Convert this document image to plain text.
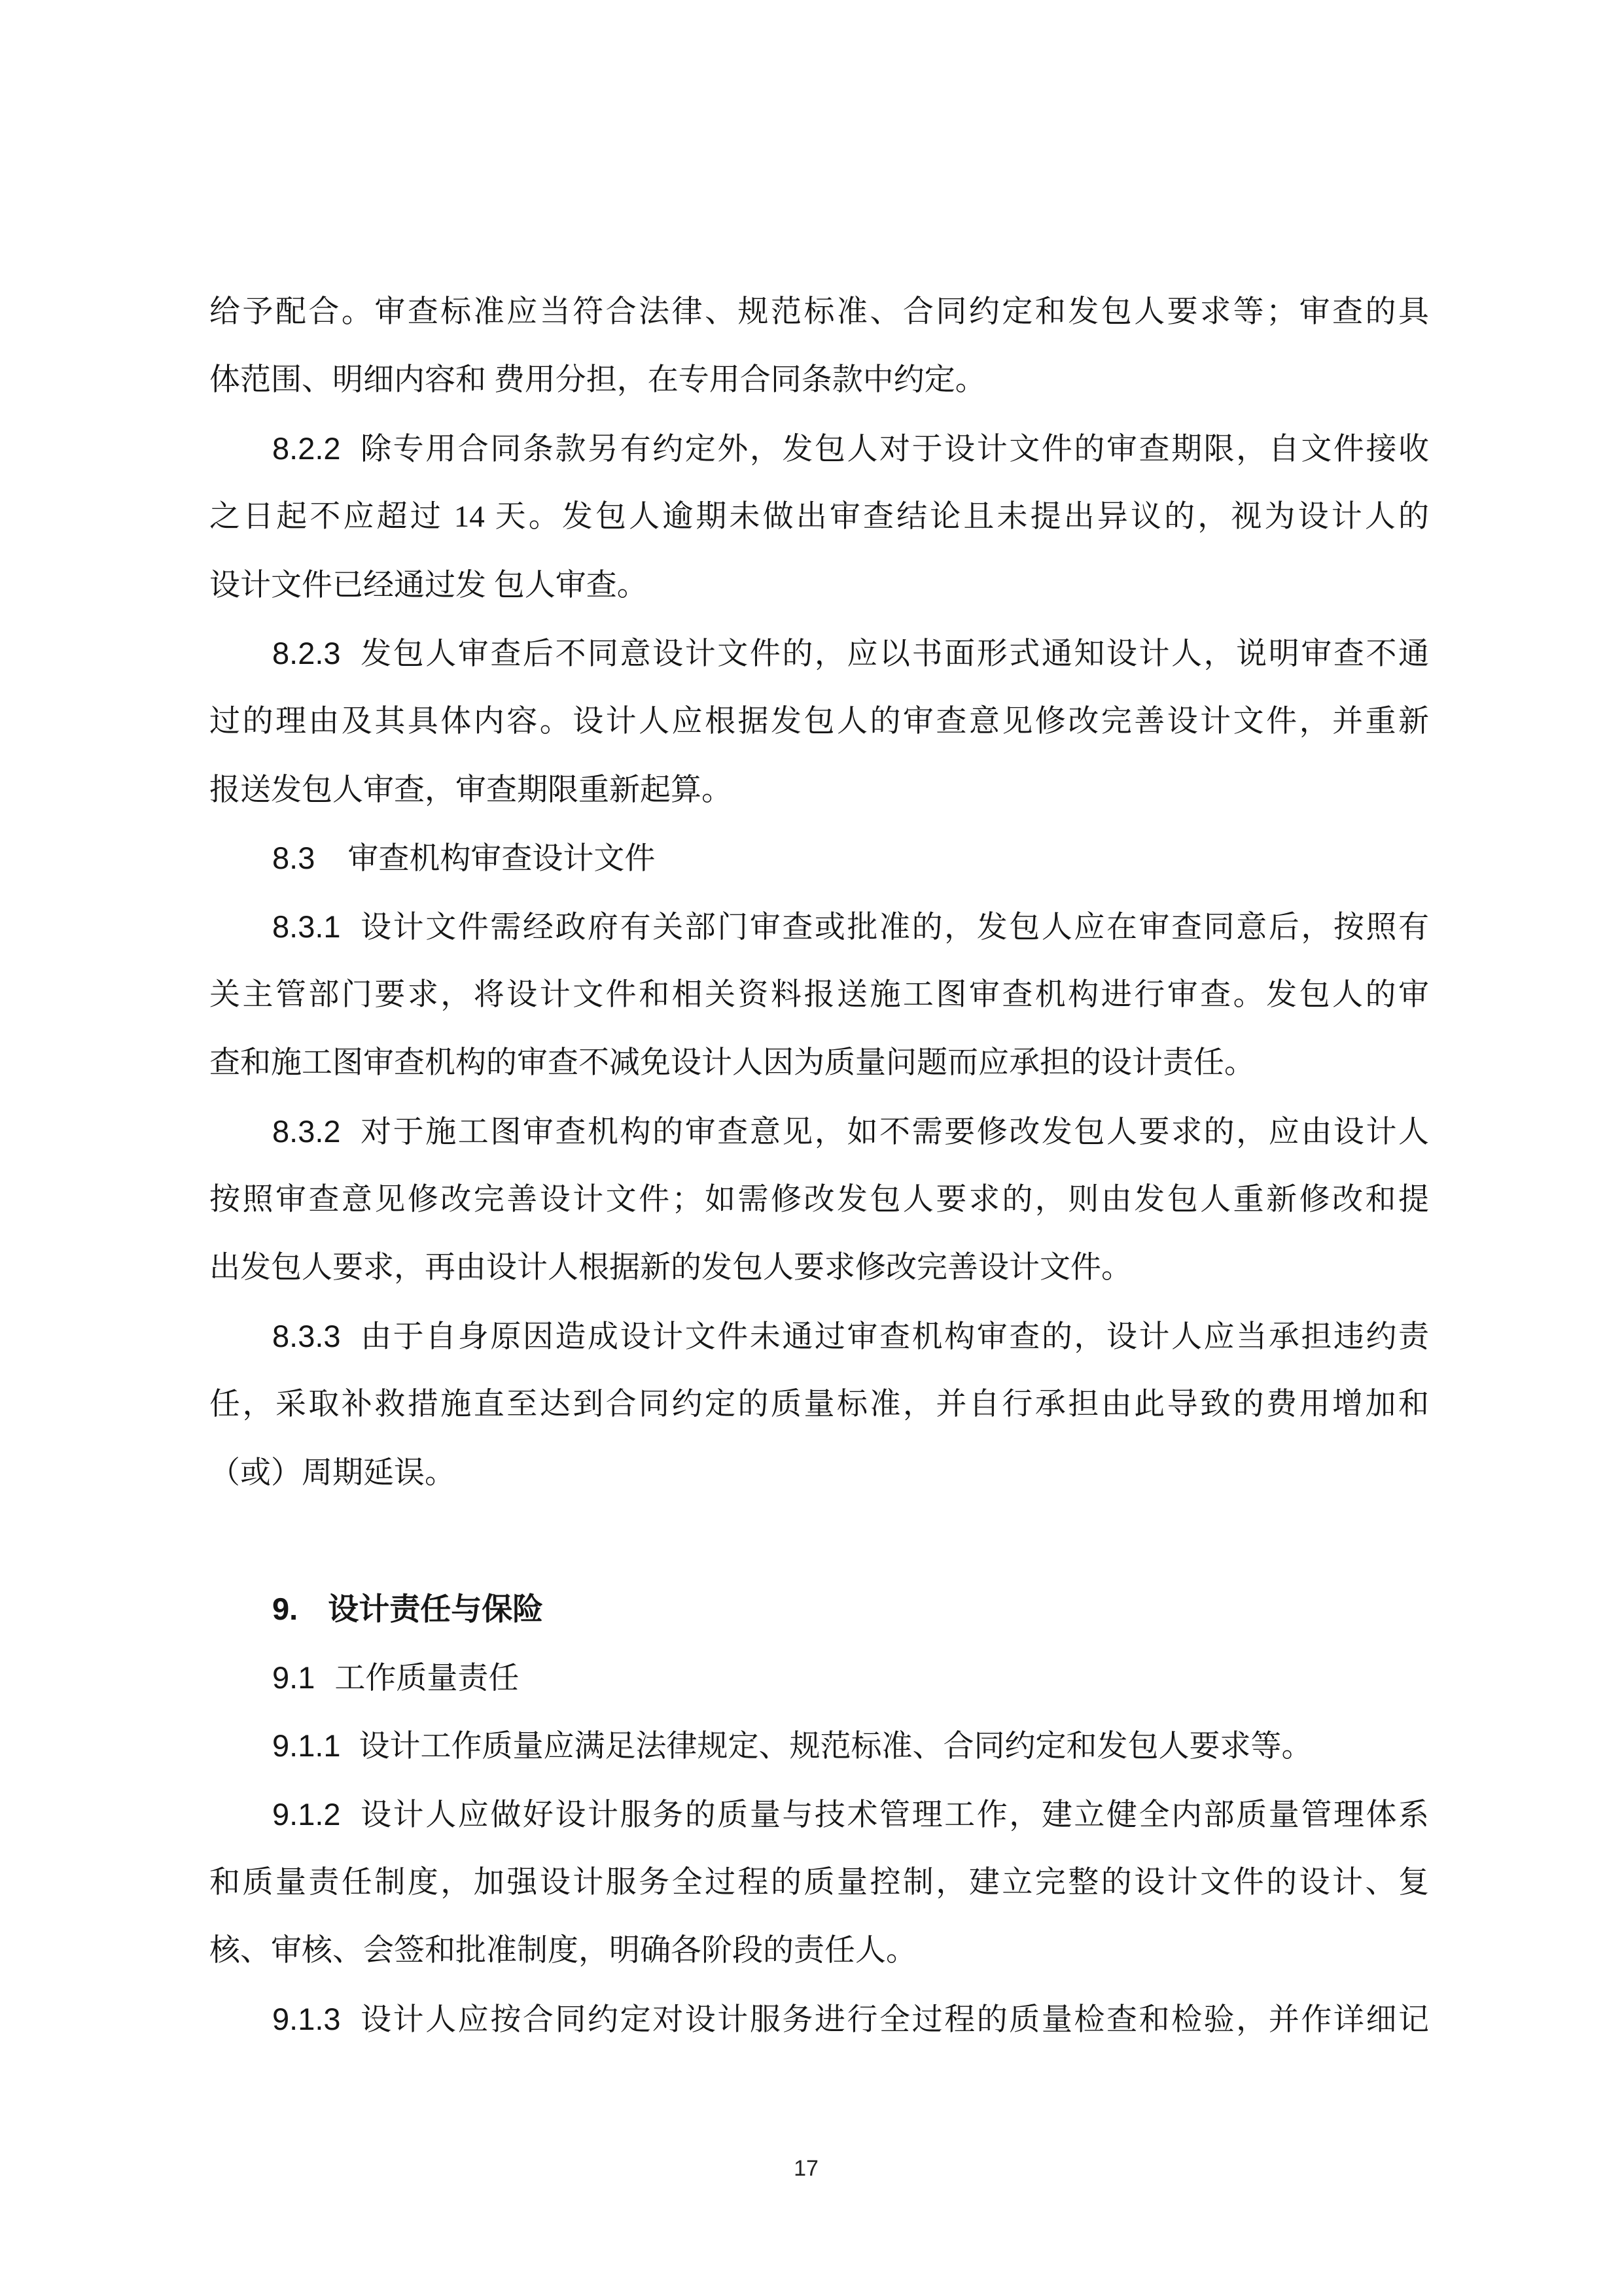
给予配合。审查标准应当符合法律、规范标准、合同约定和发包人要求等；审查的具
体范围、明细内容和 费用分担，在专用合同条款中约定。
8.2.2 除专用合同条款另有约定外，发包人对于设计文件的审查期限，自文件接收
之日起不应超过 14 天。发包人逾期未做出审查结论且未提出异议的，视为设计人的
设计文件已经通过发 包人审查。
8.2.3 发包人审查后不同意设计文件的，应以书面形式通知设计人，说明审查不通
过的理由及其具体内容。设计人应根据发包人的审查意见修改完善设计文件，并重新
报送发包人审查，审查期限重新起算。
8.3 审查机构审查设计文件
8.3.1 设计文件需经政府有关部门审查或批准的，发包人应在审查同意后，按照有
关主管部门要求，将设计文件和相关资料报送施工图审查机构进行审查。发包人的审
查和施工图审查机构的审查不减免设计人因为质量问题而应承担的设计责任。
8.3.2 对于施工图审查机构的审查意见，如不需要修改发包人要求的，应由设计人
按照审查意见修改完善设计文件；如需修改发包人要求的，则由发包人重新修改和提
出发包人要求，再由设计人根据新的发包人要求修改完善设计文件。
8.3.3 由于自身原因造成设计文件未通过审查机构审查的，设计人应当承担违约责
任，采取补救措施直至达到合同约定的质量标准，并自行承担由此导致的费用增加和
（或）周期延误。
9. 设计责任与保险
9.1 工作质量责任
9.1.1 设计工作质量应满足法律规定、规范标准、合同约定和发包人要求等。
9.1.2 设计人应做好设计服务的质量与技术管理工作，建立健全内部质量管理体系
和质量责任制度，加强设计服务全过程的质量控制，建立完整的设计文件的设计、复
核、审核、会签和批准制度，明确各阶段的责任人。
9.1.3 设计人应按合同约定对设计服务进行全过程的质量检查和检验，并作详细记
17
